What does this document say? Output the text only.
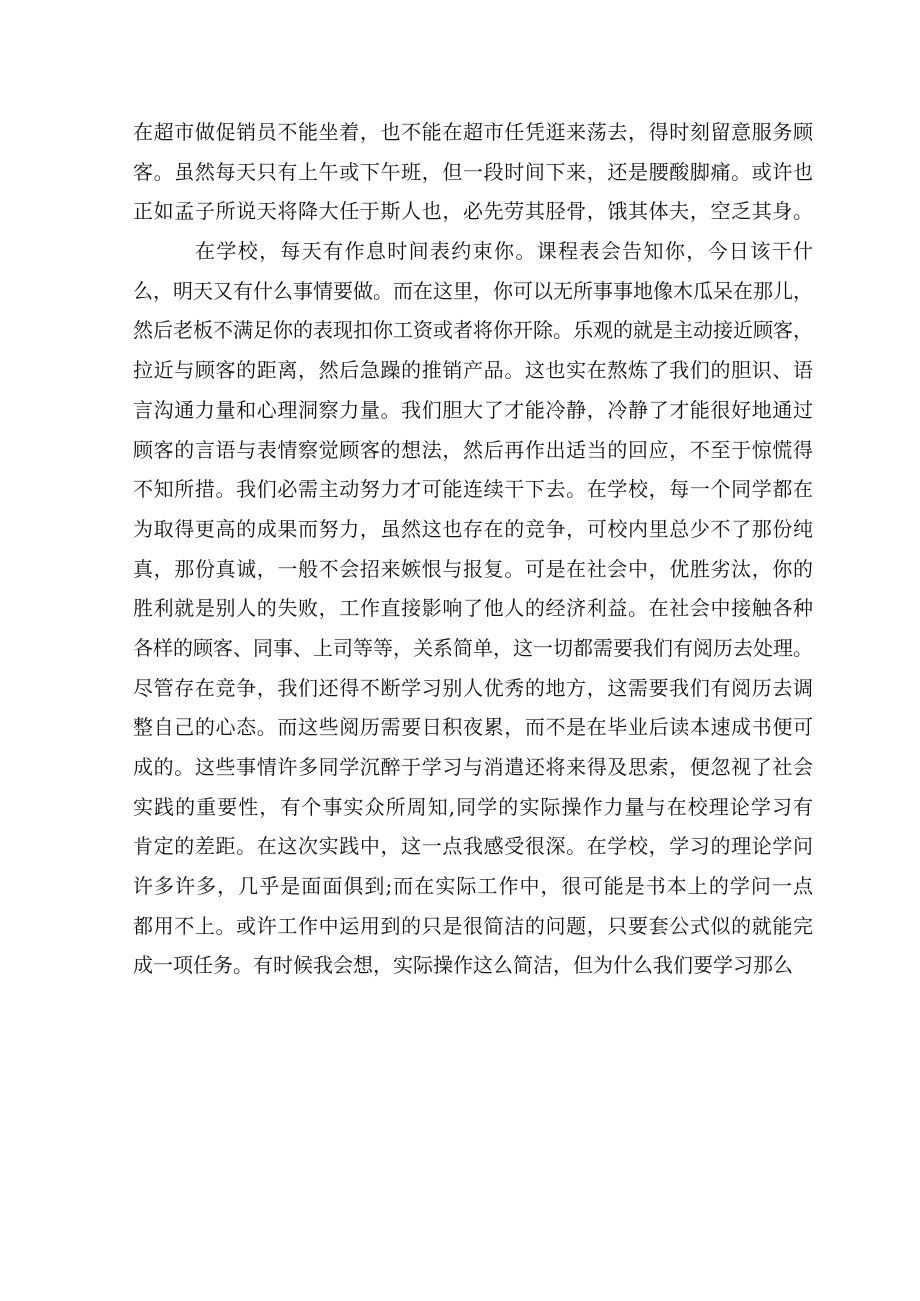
在超市做促销员不能坐着，也不能在超市任凭逛来荡去，得时刻留意服务顾
客。虽然每天只有上午或下午班，但一段时间下来，还是腰酸脚痛。或许也
正如孟子所说天将降大任于斯人也，必先劳其胫骨，饿其体夫，空乏其身。
在学校，每天有作息时间表约束你。课程表会告知你，今日该干什
么，明天又有什么事情要做。而在这里，你可以无所事事地像木瓜呆在那儿，
然后老板不满足你的表现扣你工资或者将你开除。乐观的就是主动接近顾客，
拉近与顾客的距离，然后急躁的推销产品。这也实在熬炼了我们的胆识、语
言沟通力量和心理洞察力量。我们胆大了才能冷静，冷静了才能很好地通过
顾客的言语与表情察觉顾客的想法，然后再作出适当的回应，不至于惊慌得
不知所措。我们必需主动努力才可能连续干下去。在学校，每一个同学都在
为取得更高的成果而努力，虽然这也存在的竞争，可校内里总少不了那份纯
真，那份真诚，一般不会招来嫉恨与报复。可是在社会中，优胜劣汰，你的
胜利就是别人的失败，工作直接影响了他人的经济利益。在社会中接触各种
各样的顾客、同事、上司等等，关系简单，这一切都需要我们有阅历去处理。
尽管存在竞争，我们还得不断学习别人优秀的地方，这需要我们有阅历去调
整自己的心态。而这些阅历需要日积夜累，而不是在毕业后读本速成书便可
成的。这些事情许多同学沉醉于学习与消遣还将来得及思索，便忽视了社会
实践的重要性，有个事实众所周知,同学的实际操作力量与在校理论学习有
肯定的差距。在这次实践中，这一点我感受很深。在学校，学习的理论学问
许多许多，几乎是面面俱到;而在实际工作中，很可能是书本上的学问一点
都用不上。或许工作中运用到的只是很简洁的问题，只要套公式似的就能完
成一项任务。有时候我会想，实际操作这么简洁，但为什么我们要学习那么
